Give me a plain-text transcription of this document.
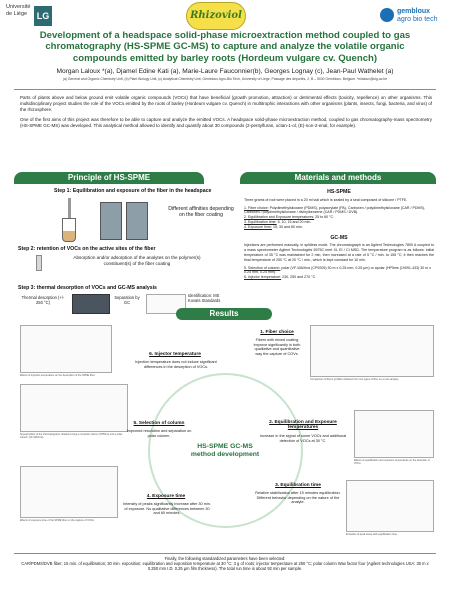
Université
de Liège	LG	Rhizoviol	gembloux
agro bio tech
Development of a headspace solid-phase microextraction method coupled to gas chromatography (HS-SPME GC-MS) to capture and analyze the volatile organic compounds emitted by barley roots (Hordeum vulgare cv. Quench)
Morgan Laloux *(a), Djamel Edine Kati (a), Marie-Laure Fauconnier(b), Georges Lognay (c), Jean-Paul Wathelet (a)
(a) General and Organic Chemistry Unit, (b) Plant Biology Unit, (c) Analytical Chemistry Unit, Gembloux Agro-Bio Tech, University of Liège, Passage des déportés, 2, B – 5030 Gembloux, Belgium. *mlaloux@ulg.ac.be

Parts of plants above and below ground emit volatile organic compounds (VOCs) that have beneficial (growth promotion, attraction) or detrimental effects (toxicity, repellence) on other organisms. This multidisciplinary project studies the role of the VOCs emitted by the roots of barley (Hordeum vulgare cv. Quench) in multitrophic interactions with other organisms (plants, insects, fungi, bacteria, and virus) of the rhizosphere.

One of the first aims of this project was therefore to be able to capture and analyze the emitted VOCs. A headspace solid-phase microextraction method, coupled to gas chromatography-mass spectrometry (HS-SPME GC-MS) was developed. This analytical method allowed to identify and quantify about 30 compounds (2-pentylfuran, octan-1-ol, (E)-non-2-enal, for example).

Principle of HS-SPME
Step 1: Equilibration and exposure of the fiber in the headspace
Different affinities depending on the fiber coating
Step 2: retention of VOCs on the active sites of the fiber
Absorption and/or adsorption of the analytes on the polymer(s) constituent(s) of the fiber coating
Step 3: thermal desorption of VOCs and GC-MS analysis
Thermal desorption (+/- 250 °C)
Separation by GC
Identification: MS Kovats Standards
Materials and methods
HS-SPME
Three grams of root were placed in a 20 ml vial which is sealed by a seal composed of silicone / PTFE.
1. Fiber choice: Polydimethylsiloxane (PDMS), polyacrylate (PA), Carboxen / polydimethylsiloxane (CAR / PDMS), Carboxen / polydimethylsiloxane / divinylbenzene (CAR / PDMS / DVB).
2. Equilibration and Exposure temperatures: 25 to 60 °C.
3. Equilibration time: 5, 10, 15 and 20 min.
4. Exposure time: 15, 30 and 60 min.
GC-MS
Injections are performed manually, in splitless mode. The chromatograph is an Agilent Technologies 7890 A coupled to a mass spectrometer Agilent Technologies 5975C inert XL EI / CI MSD. The temperature program is as follows: initial temperature of 35 °C was maintained for 2 min, then increased at a rate of 5 °C / min. to 155 °C; it then reaches the final temperature of 250 °C at 20 °C / min., which is kept constant for 10 min.
5. Selection of column: polar (VF-WAXms (CP9205) 30 m x 0.25 mm, 0.25 µm) or apolar (HP5ms (19091-433) 30 m x 0.25 mm, 0.25 mm).
6. Injector temperature: 230, 250 and 270 °C.
Results
HS-SPME GC-MS method development
6. Injector temperature
Injection temperature does not induce significant differences in the desorption of VOCs.
Effects of injection temperature on the desorption of the SPME fiber.
1. Fiber choice
Fibers with mixed coating improve significantly in both qualitative and quantitative way the capture of COVs.
Comparison of fibers (profiles obtained from two types of fiber on a root sample).
Superposition of the chromatograms obtained using a nonpolar column (HP5ms) and a polar column (VF-WAXms).
5. Selection of column
Improved resolution and separation on polar column.
2. Equilibration and Exposure temperatures
Increase in the signal of some VOCs and additional detection of VOCs at 30 °C.
Effects of equilibration and exposure temperature on the detection of VOCs.
Effects of exposure time of the SPME fiber on the capture of VOCs.
4. Exposure time
Intensity of peaks significantly increase after 30 min. of exposure. No qualitative differences between 30 and 60 minutes.
3. Equilibration time
Relative stabilization after 15 minutes equilibration. Different behavior depending on the nature of the analyte.
Evolution of peak areas with equilibration time.
Finally, the following standardized parameters have been selected:
CAR/PDMS/DVB fiber; 15 min. of equilibration; 30 min. exposition; equilibration and exposition temperature at 30 °C; 3 g of roots; injector temperature at 250 °C; polar column Wax factor four (Agilent technologies USA: 30 m x 0.250 mm I.D. 0.25 µm film thickness). The total run time is about 92 min per sample.
